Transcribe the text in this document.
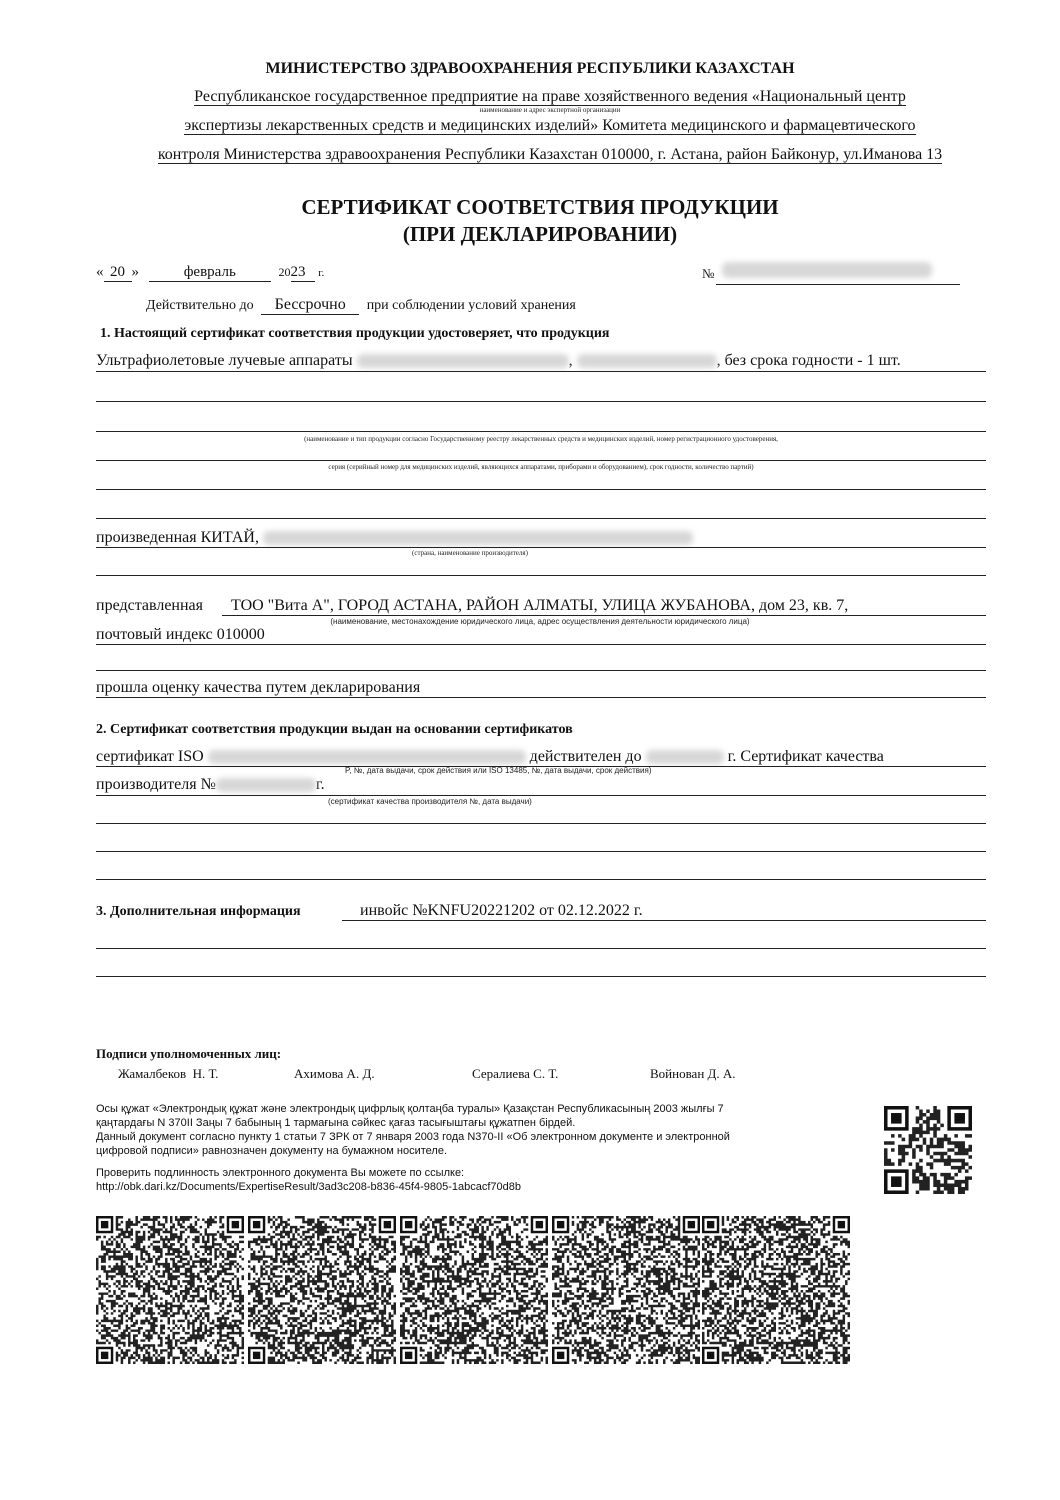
МИНИСТЕРСТВО ЗДРАВООХРАНЕНИЯ РЕСПУБЛИКИ КАЗАХСТАН
Республиканское государственное предприятие на праве хозяйственного ведения «Национальный центр
наименование и адрес экспертной организации
экспертизы лекарственных средств и медицинских изделий» Комитета медицинского и фармацевтического
контроля Министерства здравоохранения Республики Казахстан 010000, г. Астана, район Байконур, ул.Иманова 13
СЕРТИФИКАТ СООТВЕТСТВИЯ ПРОДУКЦИИ
(ПРИ ДЕКЛАРИРОВАНИИ)
« 20 »	февраль	2023 г.	№
Действительно до Бессрочно при соблюдении условий хранения
1. Настоящий сертификат соответствия продукции удостоверяет, что продукция
Ультрафиолетовые лучевые аппараты	,	, без срока годности - 1 шт.
(наименование и тип продукции согласно Государственному реестру лекарственных средств и медицинских изделий, номер регистрационного удостоверения,
серия (серийный номер для медицинских изделий, являющихся аппаратами, приборами и оборудованием), срок годности, количество партий)
произведенная КИТАЙ,
(страна, наименование производителя)
представленная ТОО "Вита А", ГОРОД АСТАНА, РАЙОН АЛМАТЫ, УЛИЦА ЖУБАНОВА, дом 23, кв. 7,
(наименование, местонахождение юридического лица, адрес осуществления деятельности юридического лица)
почтовый индекс 010000
прошла оценку качества путем декларирования
2. Сертификат соответствия продукции выдан на основании сертификатов
сертификат ISO	действителен до	г. Сертификат качества
P, №, дата выдачи, срок действия или ISO 13485, №, дата выдачи, срок действия)
производителя №	г.
(сертификат качества производителя №, дата выдачи)
3. Дополнительная информация	инвойс №KNFU20221202 от 02.12.2022 г.
Подписи уполномоченных лиц:
Жамалбеков  Н. Т.	Ахимова А. Д.	Сералиева С. Т.	Войнован Д. А.
Осы құжат «Электрондық құжат және электрондық цифрлық қолтаңба туралы» Қазақстан Республикасының 2003 жылғы 7
қаңтардағы N 370II Заңы 7 бабының 1 тармағына сәйкес қағаз тасығыштағы құжатпен бірдей.
Данный документ согласно пункту 1 статьи 7 ЗРК от 7 января 2003 года N370-II «Об электронном документе и электронной
цифровой подписи» равнозначен документу на бумажном носителе.
Проверить подлинность электронного документа Вы можете по ссылке:
http://obk.dari.kz/Documents/ExpertiseResult/3ad3c208-b836-45f4-9805-1abcacf70d8b
